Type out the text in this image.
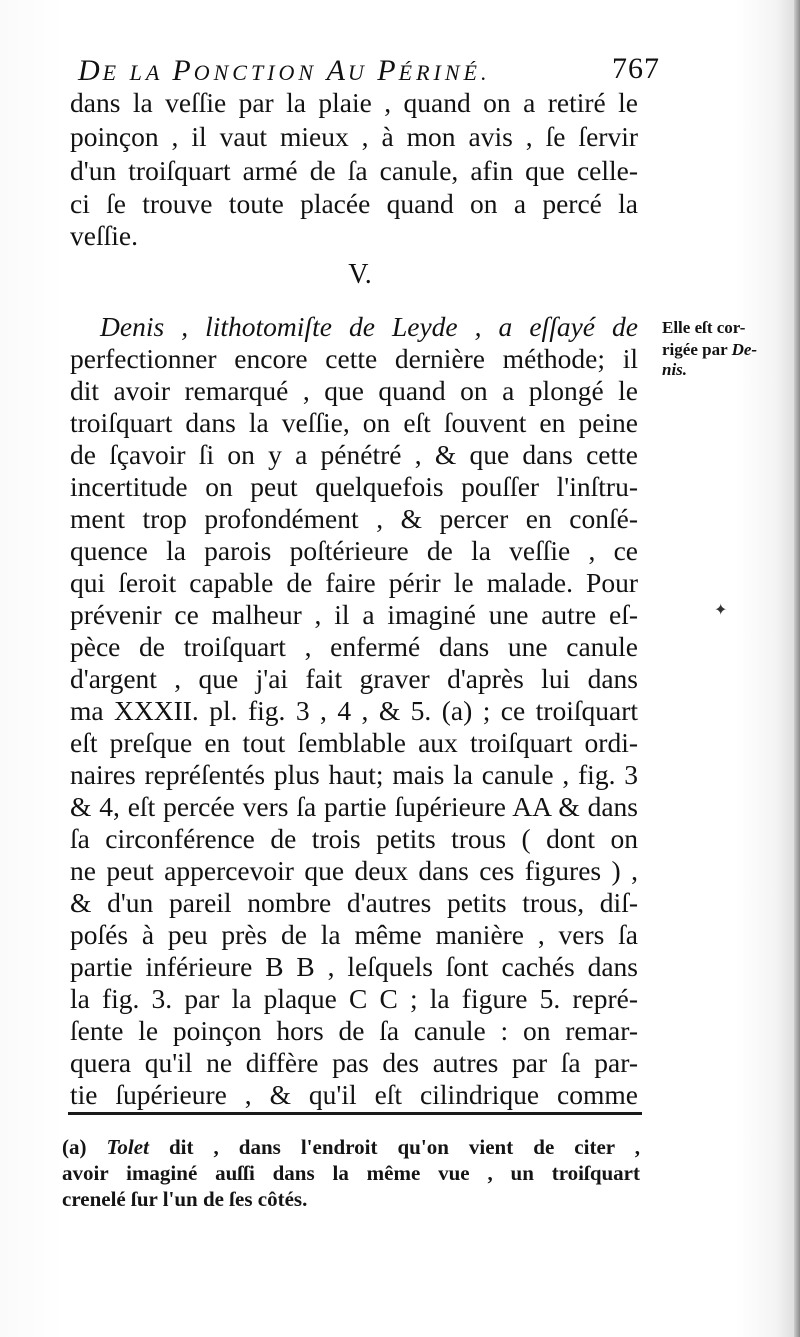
DE LA PONCTION AU PÉRINÉ.	767
dans la veſſie par la plaie , quand on a retiré le
poinçon , il vaut mieux , à mon avis , ſe ſervir
d'un troiſquart armé de ſa canule, afin que celle-
ci ſe trouve toute placée quand on a percé la
veſſie.
V.
Denis , lithotomiſte de Leyde , a eſſayé de
perfectionner encore cette dernière méthode; il
dit avoir remarqué , que quand on a plongé le
troiſquart dans la veſſie, on eſt ſouvent en peine
de ſçavoir ſi on y a pénétré , & que dans cette
incertitude on peut quelquefois pouſſer l'inſtru-
ment trop profondément , & percer en conſé-
quence la parois poſtérieure de la veſſie , ce
qui ſeroit capable de faire périr le malade. Pour
prévenir ce malheur , il a imaginé une autre eſ-
pèce de troiſquart , enfermé dans une canule
d'argent , que j'ai fait graver d'après lui dans
ma XXXII. pl. fig. 3 , 4 , & 5. (a) ; ce troiſquart
eſt preſque en tout ſemblable aux troiſquart ordi-
naires repréſentés plus haut; mais la canule , fig. 3
& 4, eſt percée vers ſa partie ſupérieure AA & dans
ſa circonférence de trois petits trous ( dont on
ne peut appercevoir que deux dans ces figures ) ,
& d'un pareil nombre d'autres petits trous, diſ-
poſés à peu près de la même manière , vers ſa
partie inférieure B B , leſquels ſont cachés dans
la fig. 3. par la plaque C C ; la figure 5. repré-
ſente le poinçon hors de ſa canule : on remar-
quera qu'il ne diffère pas des autres par ſa par-
tie ſupérieure , & qu'il eſt cilindrique comme
Elle eſt cor-
rigée par De-
nis.
✦
(a) Tolet dit , dans l'endroit qu'on vient de citer ,
avoir imaginé auſſi dans la même vue , un troiſquart
crenelé ſur l'un de ſes côtés.
